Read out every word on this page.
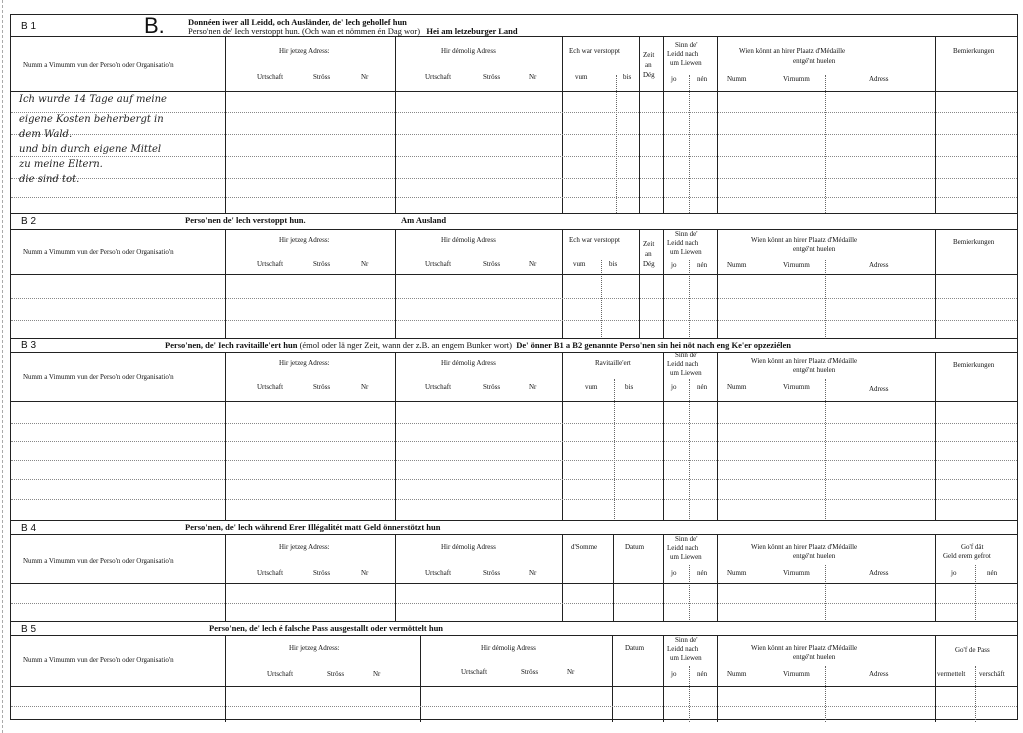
B 1	B.	Donnéen iwer all Leidd, och Ausländer, de' lech gehollef hun
Perso'nen de' Iech verstoppt hun. (Och wan et nömmen én Dag wor) Hei am letzeburger Land
Numm a Vimumm vun der Perso'n oder Organisatio'n
Hir jetzeg Adress:
Urtschaft	Ströss	Nr
Hir démolig Adress
Urtschaft	Ströss	Nr
Ech war verstoppt
vum	bis
Zeit
an
Dég
Sinn de'
Leidd nach
um Liewen
jo	nén
Wien könnt an hirer Plaatz d'Médaille
entgé'nt huelen
Numm	Virnumm	Adress
Bemierkungen
Ich wurde 14 Tage auf meine
eigene Kosten beherbergt in
dem Wald.
und bin durch eigene Mittel
zu meine Eltern.
die sind tot.
B 2	Perso'nen de' lech verstoppt hun.	Am Ausland
Numm a Vimumm vun der Perso'n oder Organisatio'n
Hir jetzeg Adress:
Urtschaft	Ströss	Nr
Hir démolig Adress
Urtschaft	Ströss	Nr
Ech war verstoppt
vum	bis
Zeit
an
Dég
Sinn de'
Leidd nach
um Liewen
jo	nén
Wien könnt an hirer Plaatz d'Médaille
entgé'nt huelen
Numm	Virnumm	Adress
Bemierkungen
B 3	Perso'nen, de' Iech ravitaille'ert hun (émol oder lä nger Zeit, wann der z.B. an engem Bunker wort) De' önner B1 a B2 genannte Perso'nen sin hei nöt nach eng Ke'er opzeziélen
Numm a Vimumm vun der Perso'n oder Organisatio'n
Hir jetzeg Adress:
Urtschaft	Ströss	Nr
Hir démolig Adress
Urtschaft	Ströss	Nr
Ravitaille'ert
vum	bis
Sinn de'
Leidd nach
um Liewen
jo	nén
Wien könnt an hirer Plaatz d'Médaille
entgé'nt huelen
Numm	Virnumm	Adress
Bemierkungen
B 4	Perso'nen, de' lech während Erer Illégalitét matt Geld önnerstötzt hun
Numm a Vimumm vun der Perso'n oder Organisatio'n
Hir jetzeg Adress:
Urtschaft	Ströss	Nr
Hir démolig Adress
Urtschaft	Ströss	Nr
d'Somme	Datum
Sinn de'
Leidd nach
um Liewen
jo	nén
Wien könnt an hirer Plaatz d'Médaille
entgé'nt huelen
Numm	Virnumm	Adress
Go'f dät
Geld erem gefrot
jo	nén
B 5	Perso'nen, de' lech é falsche Pass ausgestallt oder vermöttelt hun
Numm a Vimumm vun der Perso'n oder Organisatio'n
Hir jetzeg Adress:
Urtschaft	Ströss	Nr
Hir démolig Adress
Urtschaft	Ströss	Nr
Datum
Sinn de'
Leidd nach
um Liewen
jo	nén
Wien könnt an hirer Plaatz d'Médaille
entgé'nt huelen
Numm	Virnumm	Adress
Go'f de Pass
vermettelt verschäft
